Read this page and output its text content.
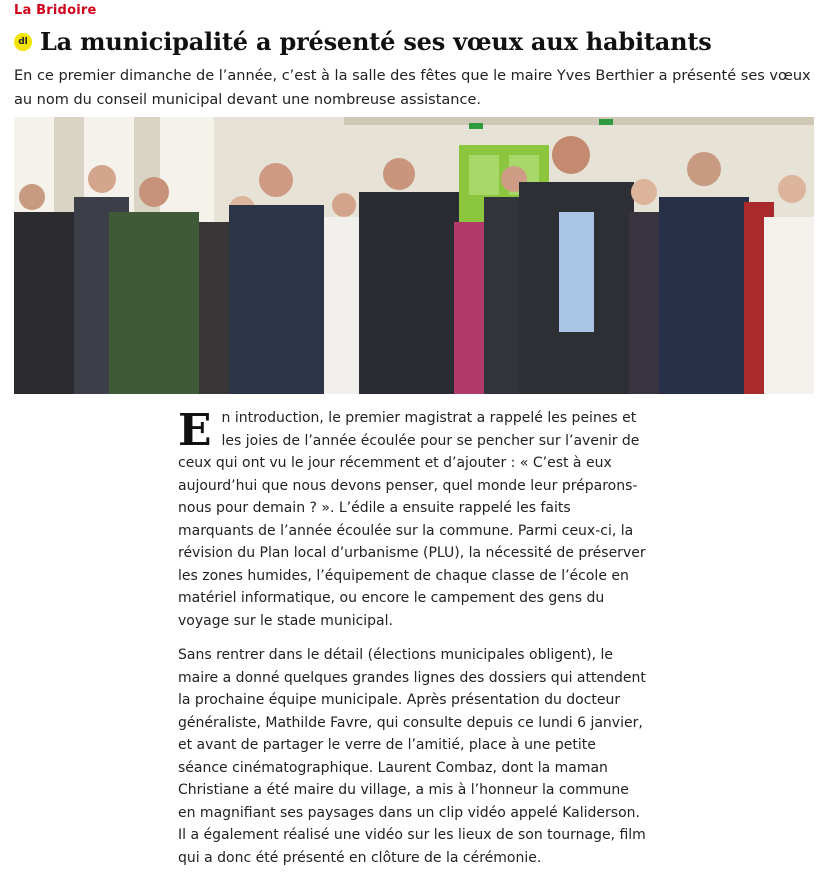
La Bridoire
dl La municipalité a présenté ses vœux aux habitants

En ce premier dimanche de l’année, c’est à la salle des fêtes que le maire Yves Berthier a présenté ses vœux au nom du conseil municipal devant une nombreuse assistance.

En introduction, le premier magistrat a rappelé les peines et les joies de l’année écoulée pour se pencher sur l’avenir de ceux qui ont vu le jour récemment et d’ajouter : « C’est à eux aujourd’hui que nous devons penser, quel monde leur préparons-nous pour demain ? ». L’édile a ensuite rappelé les faits marquants de l’année écoulée sur la commune. Parmi ceux-ci, la révision du Plan local d’urbanisme (PLU), la nécessité de préserver les zones humides, l’équipement de chaque classe de l’école en matériel informatique, ou encore le campement des gens du voyage sur le stade municipal.

Sans rentrer dans le détail (élections municipales obligent), le maire a donné quelques grandes lignes des dossiers qui attendent la prochaine équipe municipale. Après présentation du docteur généraliste, Mathilde Favre, qui consulte depuis ce lundi 6 janvier, et avant de partager le verre de l’amitié, place à une petite séance cinématographique. Laurent Combaz, dont la maman Christiane a été maire du village, a mis à l’honneur la commune en magnifiant ses paysages dans un clip vidéo appelé Kaliderson. Il a également réalisé une vidéo sur les lieux de son tournage, film qui a donc été présenté en clôture de la cérémonie.
